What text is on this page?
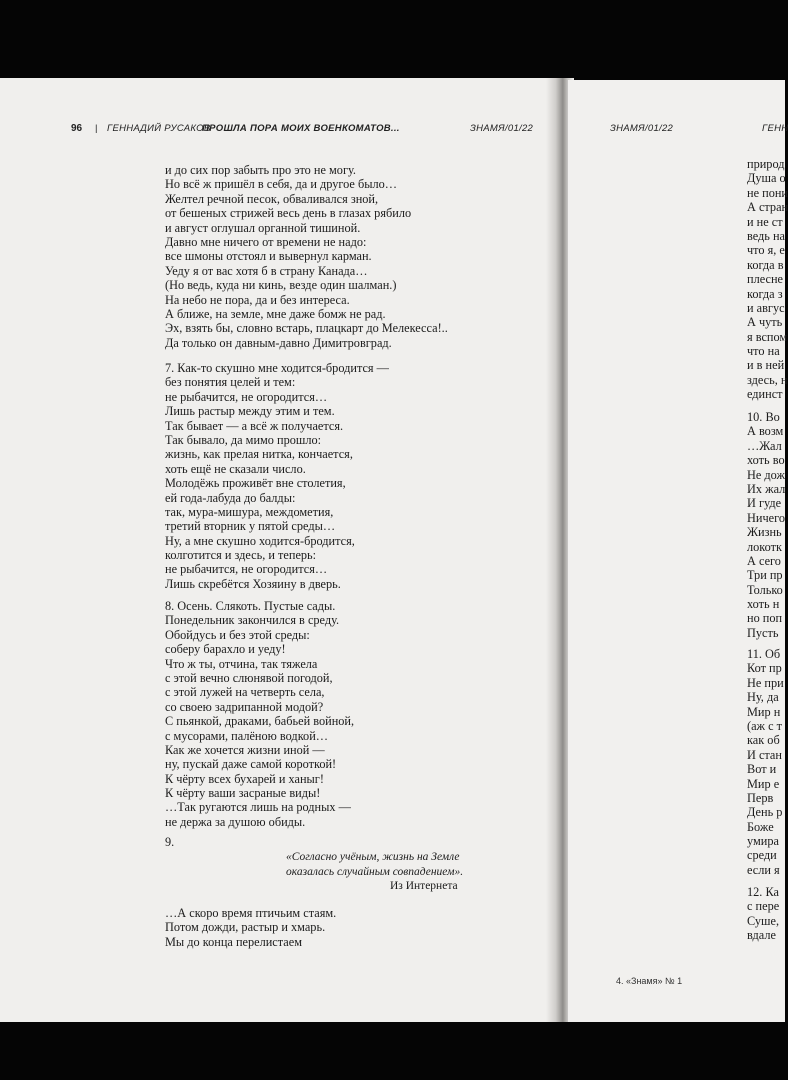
96 | ГЕННАДИЙ РУСАКОВ
ПРОШЛА ПОРА МОИХ ВОЕНКОМАТОВ...	ЗНАМЯ/01/22
и до сих пор забыть про это не могу.
Но всё ж пришёл в себя, да и другое было…
Желтел речной песок, обваливался зной,
от бешеных стрижей весь день в глазах рябило
и август оглушал органной тишиной.
Давно мне ничего от времени не надо:
все шмоны отстоял и вывернул карман.
Уеду я от вас хотя б в страну Канада…
(Но ведь, куда ни кинь, везде один шалман.)
На небо не пора, да и без интереса.
А ближе, на земле, мне даже бомж не рад.
Эх, взять бы, словно встарь, плацкарт до Мелекесса!..
Да только он давным-давно Димитровград.
7. Как-то скушно мне ходится-бродится —
без понятия целей и тем:
не рыбачится, не огородится…
Лишь растыр между этим и тем.
Так бывает — а всё ж получается.
Так бывало, да мимо прошло:
жизнь, как прелая нитка, кончается,
хоть ещё не сказали число.
Молодёжь проживёт вне столетия,
ей года-лабуда до балды:
так, мура-мишура, междометия,
третий вторник у пятой среды…
Ну, а мне скушно ходится-бродится,
колготится и здесь, и теперь:
не рыбачится, не огородится…
Лишь скребётся Хозяину в дверь.
8. Осень. Слякоть. Пустые сады.
Понедельник закончился в среду.
Обойдусь и без этой среды:
соберу барахло и уеду!
Что ж ты, отчина, так тяжела
с этой вечно слюнявой погодой,
с этой лужей на четверть села,
со своею задрипанной модой?
С пьянкой, драками, бабьей войной,
с мусорами, палёною водкой…
Как же хочется жизни иной —
ну, пускай даже самой короткой!
К чёрту всех бухарей и ханыг!
К чёрту ваши засраные виды!
…Так ругаются лишь на родных —
не держа за душою обиды.
9.
«Согласно учёным, жизнь на Земле
оказалась случайным совпадением».
Из Интернета
…А скоро время птичьим стаям.
Потом дожди, растыр и хмарь.
Мы до конца перелистаем
ЗНАМЯ/01/22	ГЕНН
природ
Душа о
не пони
А стран
и не ст
ведь на
что я, е
когда в
плесне
когда з
и авгус
А чуть
я вспом
что на
и в ней
здесь, н
единст
10. Во
А возм
…Жал
хоть во
Не дож
Их жал
И гуде
Ничего
Жизнь
локотк
А сего
Три пр
Только
хоть н
но поп
Пусть
11. Об
Кот пр
Не при
Ну, да
Мир н
(аж с т
как об
И стан
Вот и
Мир е
Перв
День р
Боже
умира
среди
если я
12. Ка
с пере
Суше,
вдале
4. «Знамя» № 1
